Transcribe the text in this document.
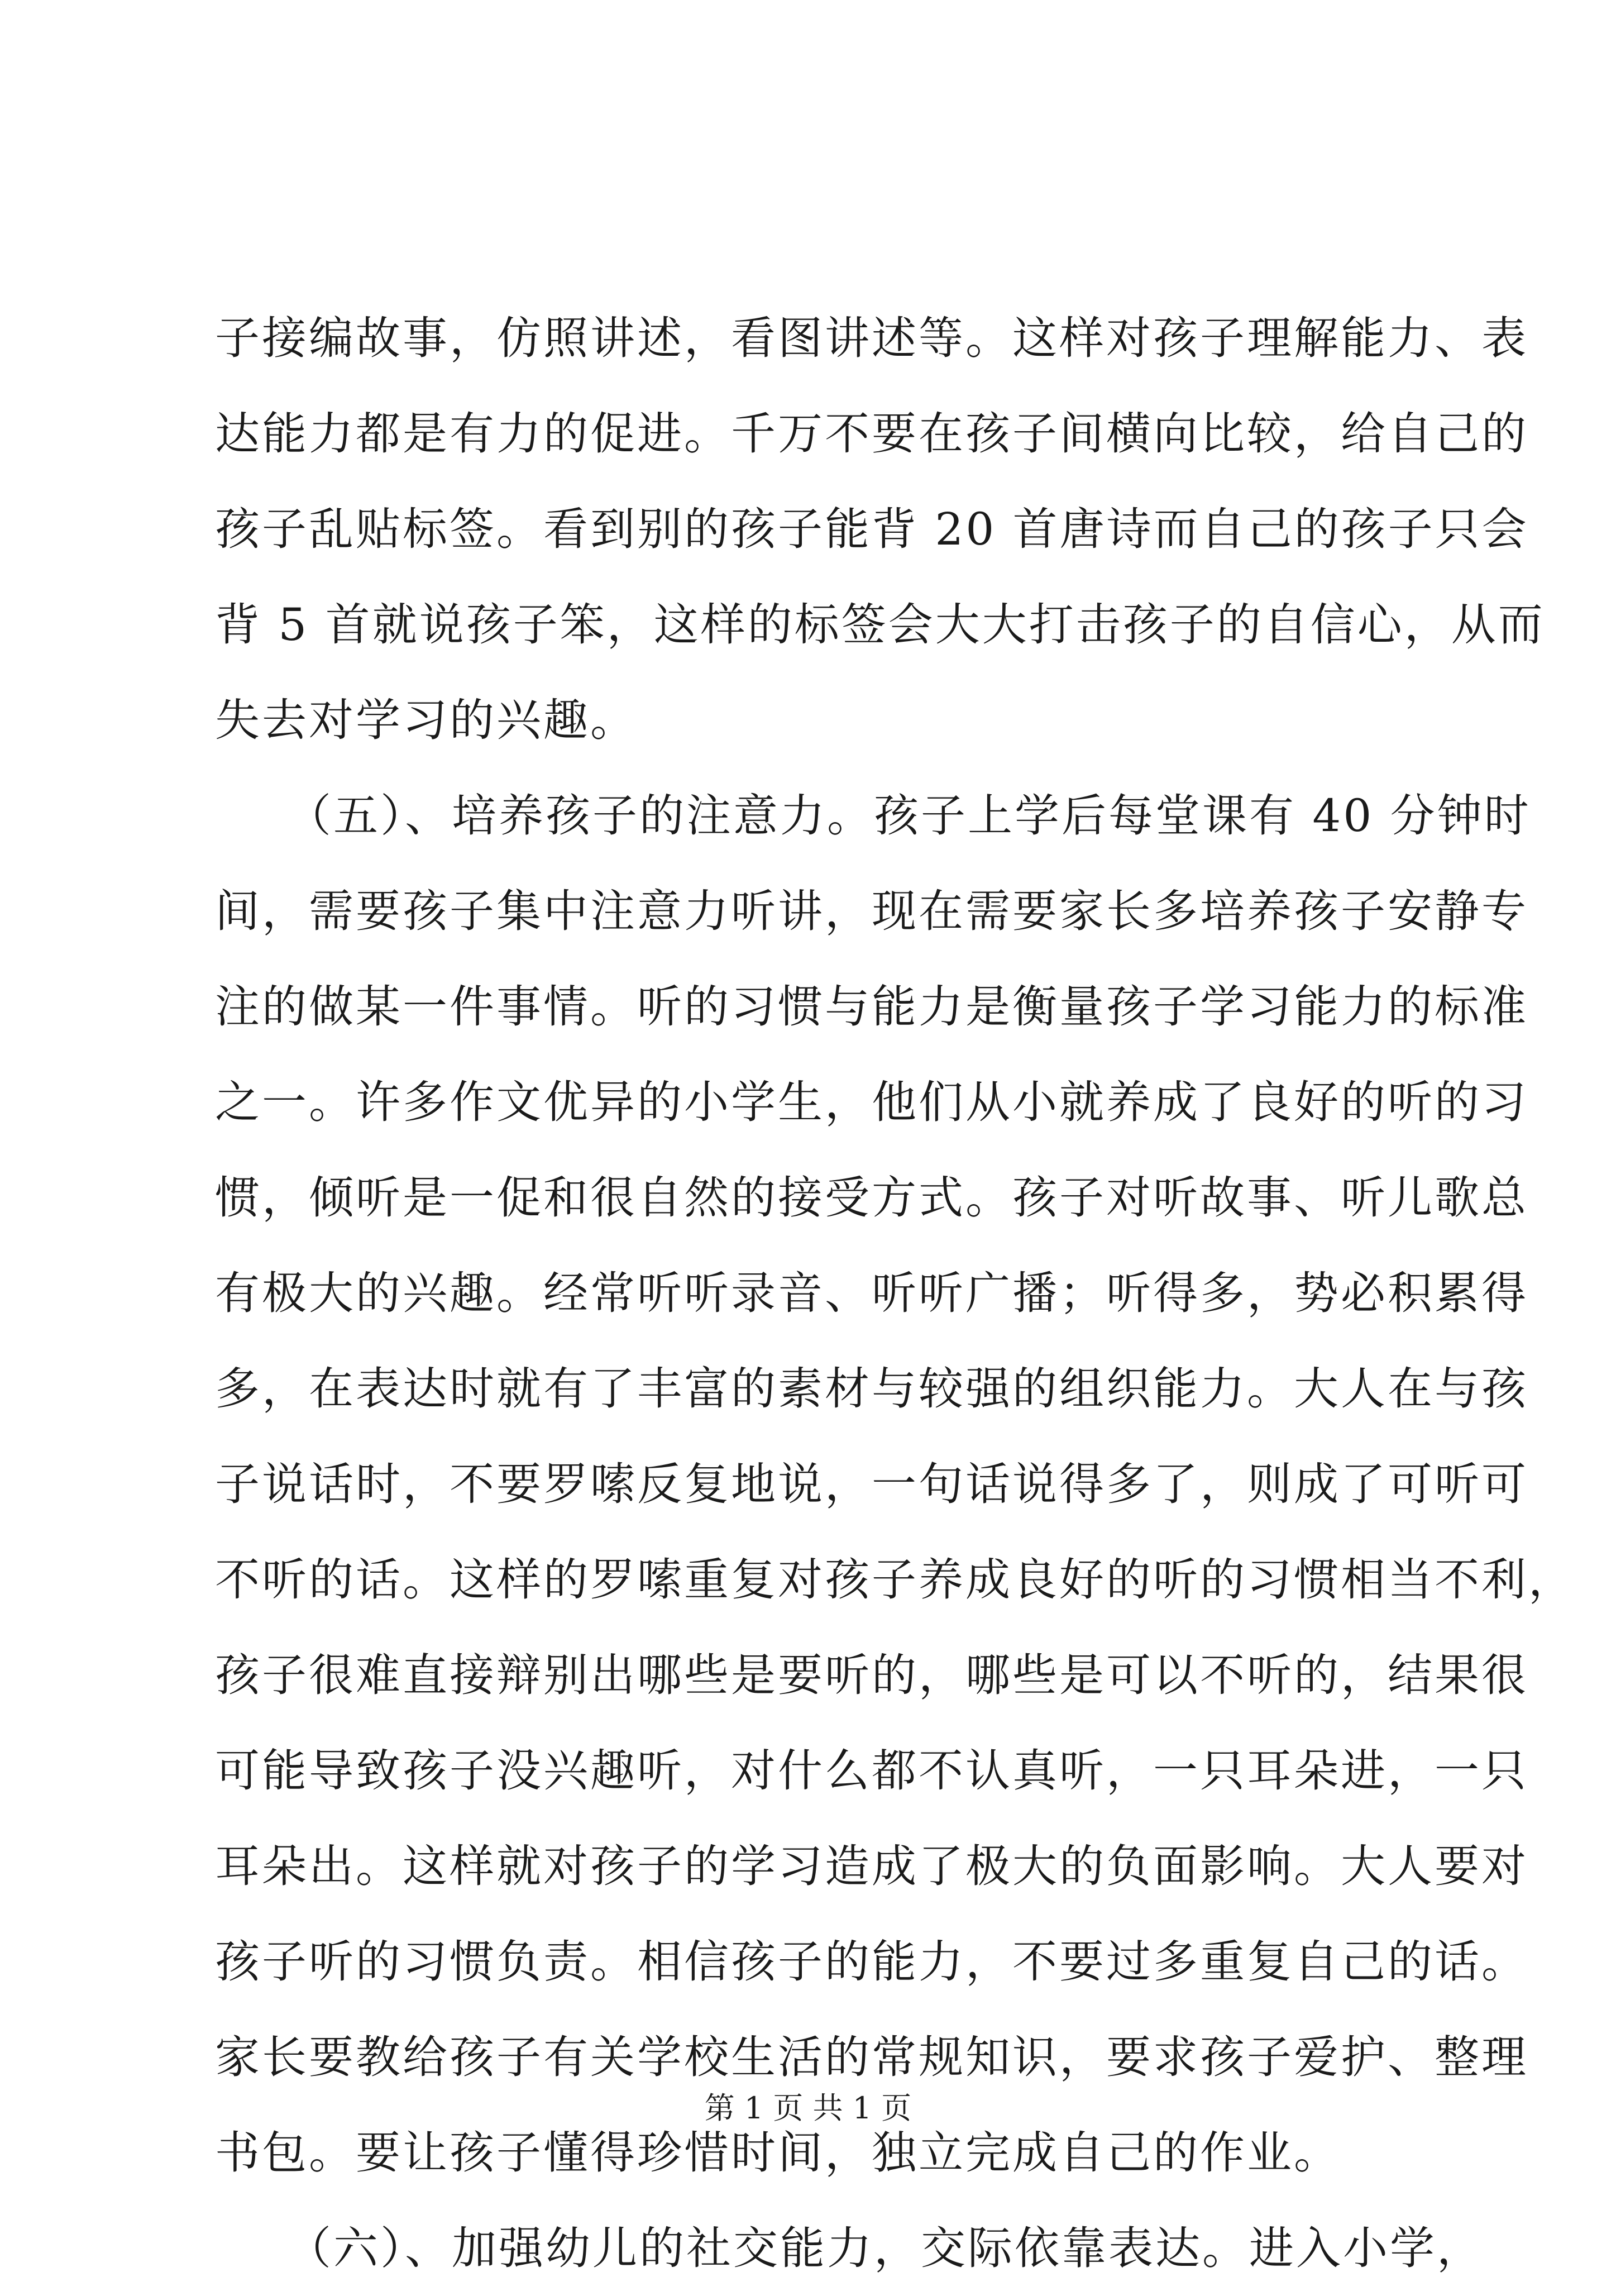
子接编故事，仿照讲述，看图讲述等。这样对孩子理解能力、表
达能力都是有力的促进。千万不要在孩子间横向比较，给自己的
孩子乱贴标签。看到别的孩子能背 20 首唐诗而自己的孩子只会
背 5 首就说孩子笨，这样的标签会大大打击孩子的自信心，从而
失去对学习的兴趣。
　　（五）、培养孩子的注意力。孩子上学后每堂课有 40 分钟时
间，需要孩子集中注意力听讲，现在需要家长多培养孩子安静专
注的做某一件事情。听的习惯与能力是衡量孩子学习能力的标准
之一。许多作文优异的小学生，他们从小就养成了良好的听的习
惯，倾听是一促和很自然的接受方式。孩子对听故事、听儿歌总
有极大的兴趣。经常听听录音、听听广播；听得多，势必积累得
多，在表达时就有了丰富的素材与较强的组织能力。大人在与孩
子说话时，不要罗嗦反复地说，一句话说得多了，则成了可听可
不听的话。这样的罗嗦重复对孩子养成良好的听的习惯相当不利，
孩子很难直接辩别出哪些是要听的，哪些是可以不听的，结果很
可能导致孩子没兴趣听，对什么都不认真听，一只耳朵进，一只
耳朵出。这样就对孩子的学习造成了极大的负面影响。大人要对
孩子听的习惯负责。相信孩子的能力，不要过多重复自己的话。
家长要教给孩子有关学校生活的常规知识，要求孩子爱护、整理
书包。要让孩子懂得珍惜时间，独立完成自己的作业。
　　（六）、加强幼儿的社交能力，交际依靠表达。进入小学，
第 1 页 共 1 页
